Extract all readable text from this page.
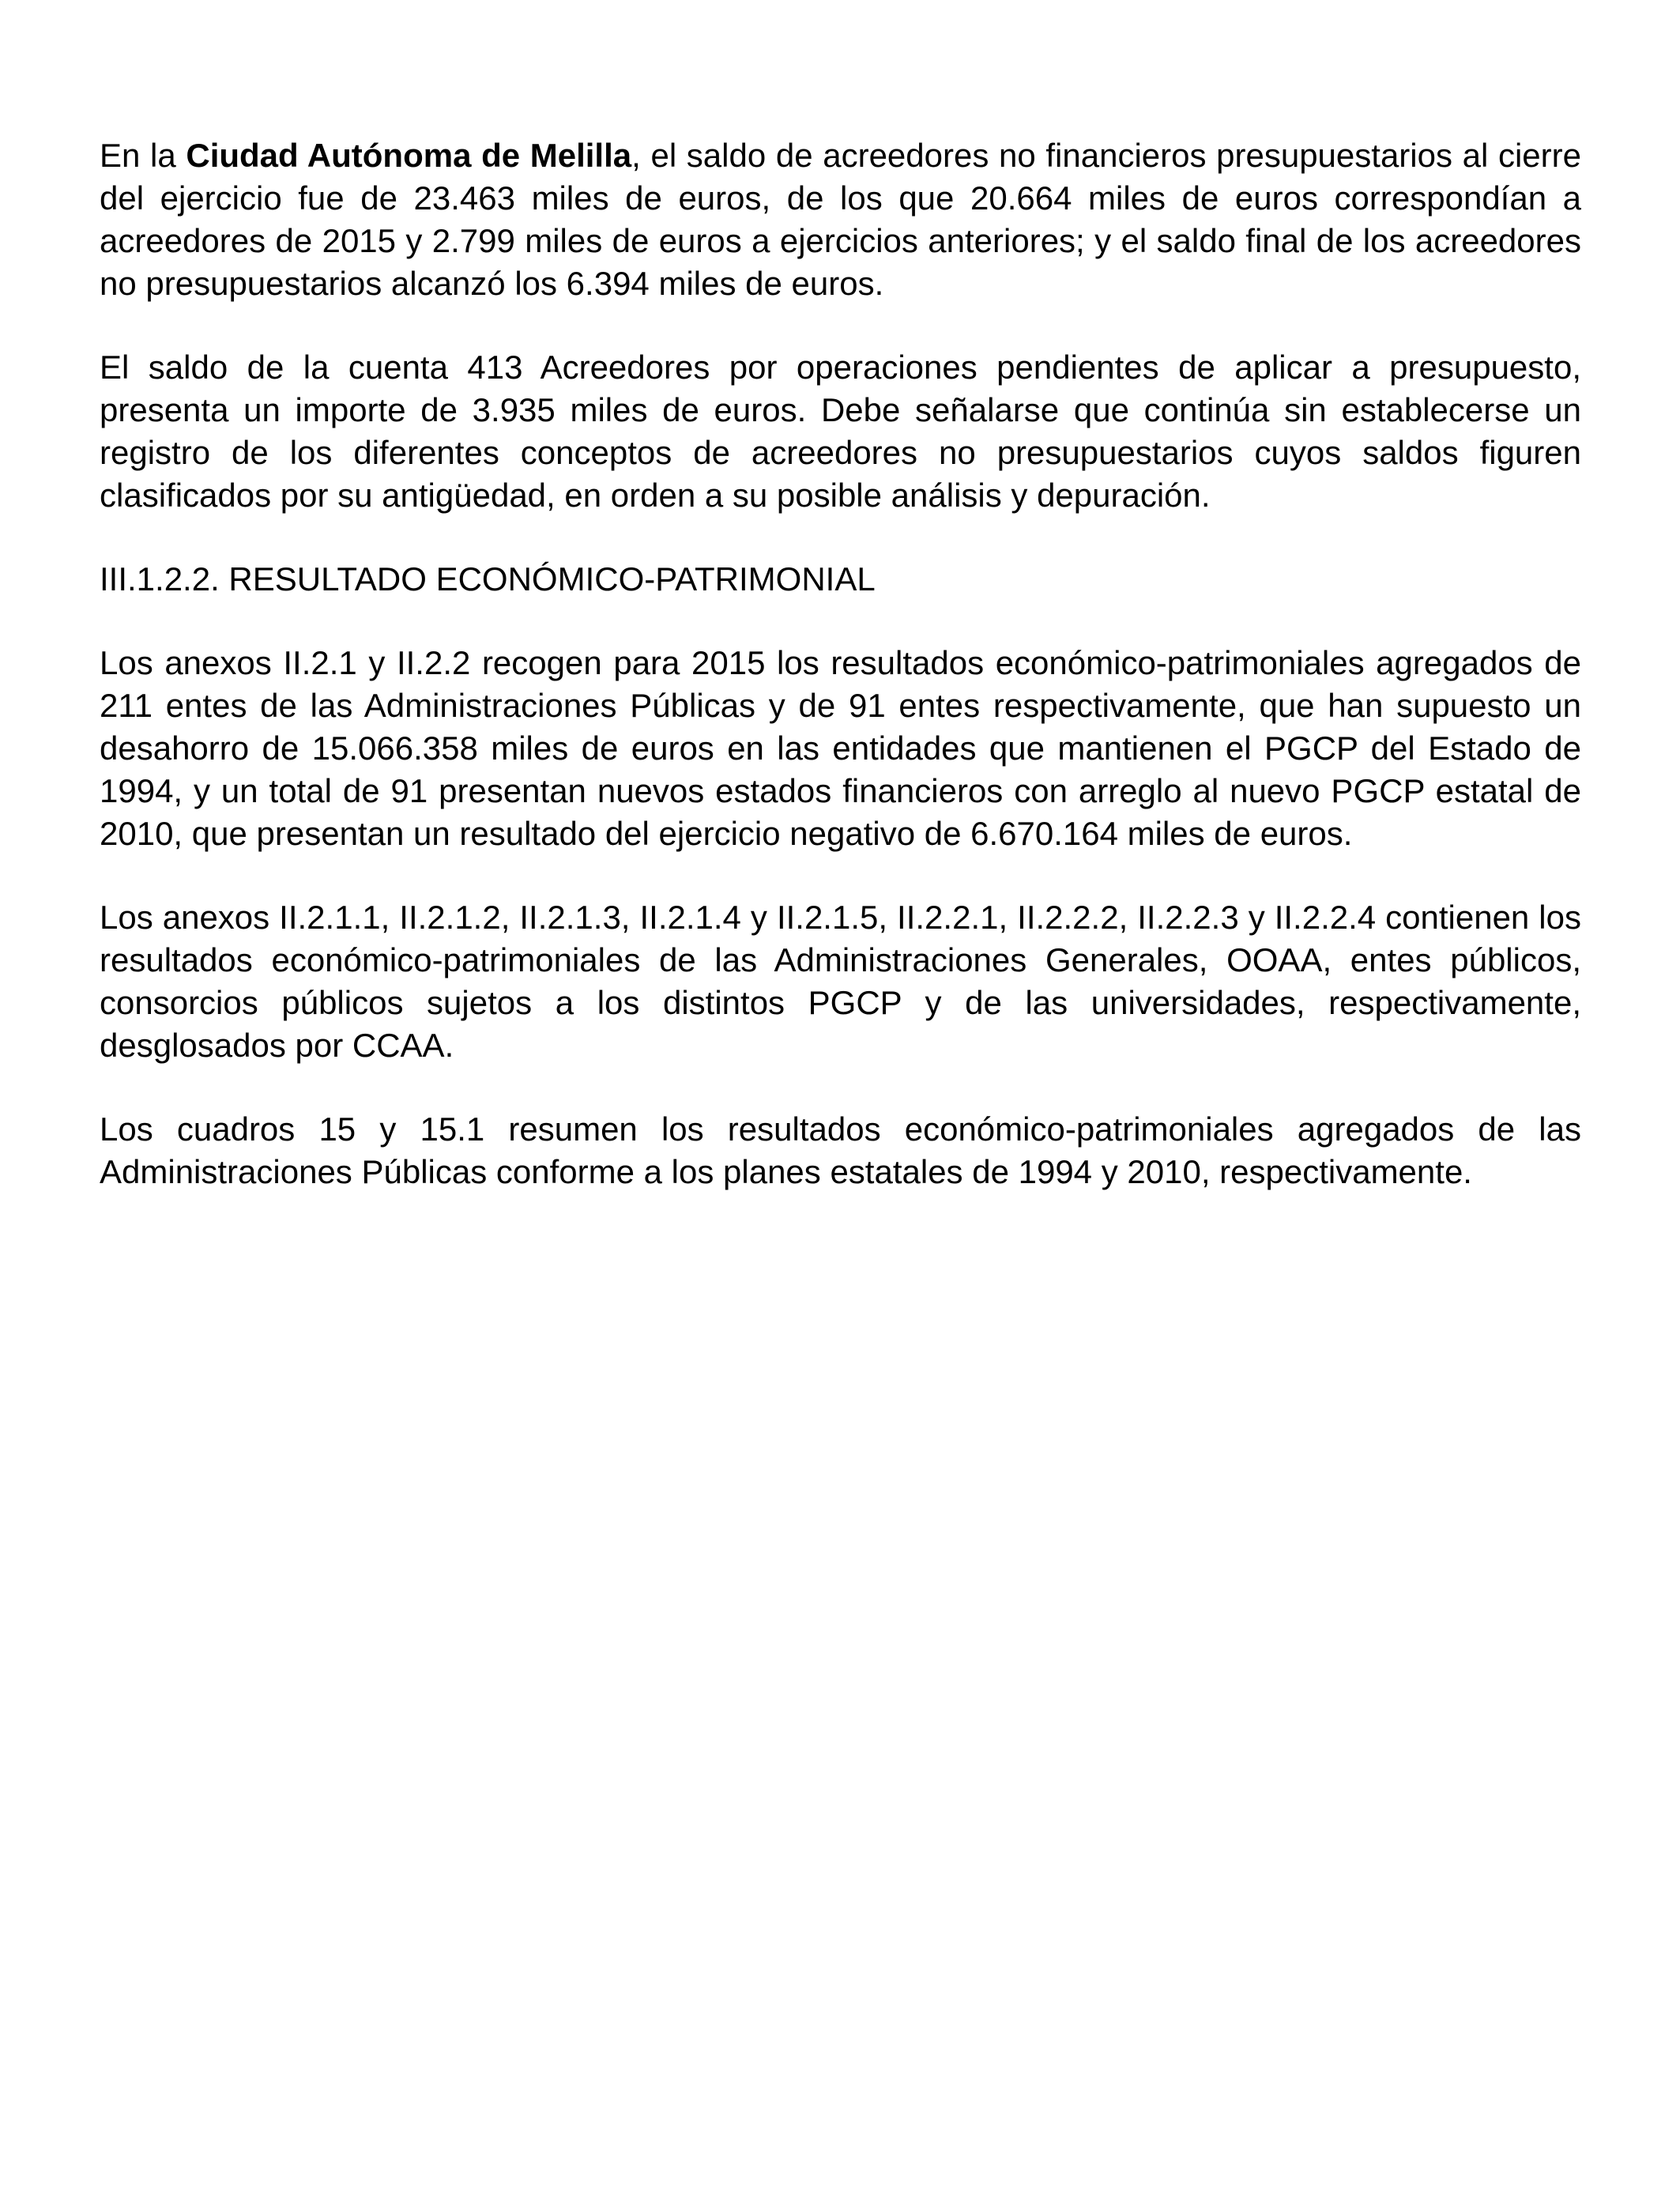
En la Ciudad Autónoma de Melilla, el saldo de acreedores no financieros presupuestarios al cierre del ejercicio fue de 23.463 miles de euros, de los que 20.664 miles de euros correspondían a acreedores de 2015 y 2.799 miles de euros a ejercicios anteriores; y el saldo final de los acreedores no presupuestarios alcanzó los 6.394 miles de euros.

El saldo de la cuenta 413 Acreedores por operaciones pendientes de aplicar a presupuesto, presenta un importe de 3.935 miles de euros. Debe señalarse que continúa sin establecerse un registro de los diferentes conceptos de acreedores no presupuestarios cuyos saldos figuren clasificados por su antigüedad, en orden a su posible análisis y depuración.

III.1.2.2. RESULTADO ECONÓMICO-PATRIMONIAL

Los anexos II.2.1 y II.2.2 recogen para 2015 los resultados económico-patrimoniales agregados de 211 entes de las Administraciones Públicas y de 91 entes respectivamente, que han supuesto un desahorro de 15.066.358 miles de euros en las entidades que mantienen el PGCP del Estado de 1994, y un total de 91 presentan nuevos estados financieros con arreglo al nuevo PGCP estatal de 2010, que presentan un resultado del ejercicio negativo de 6.670.164 miles de euros.

Los anexos II.2.1.1, II.2.1.2, II.2.1.3, II.2.1.4 y II.2.1.5, II.2.2.1, II.2.2.2, II.2.2.3 y II.2.2.4 contienen los resultados económico-patrimoniales de las Administraciones Generales, OOAA, entes públicos, consorcios públicos sujetos a los distintos PGCP y de las universidades, respectivamente, desglosados por CCAA.

Los cuadros 15 y 15.1 resumen los resultados económico-patrimoniales agregados de las Administraciones Públicas conforme a los planes estatales de 1994 y 2010, respectivamente.
